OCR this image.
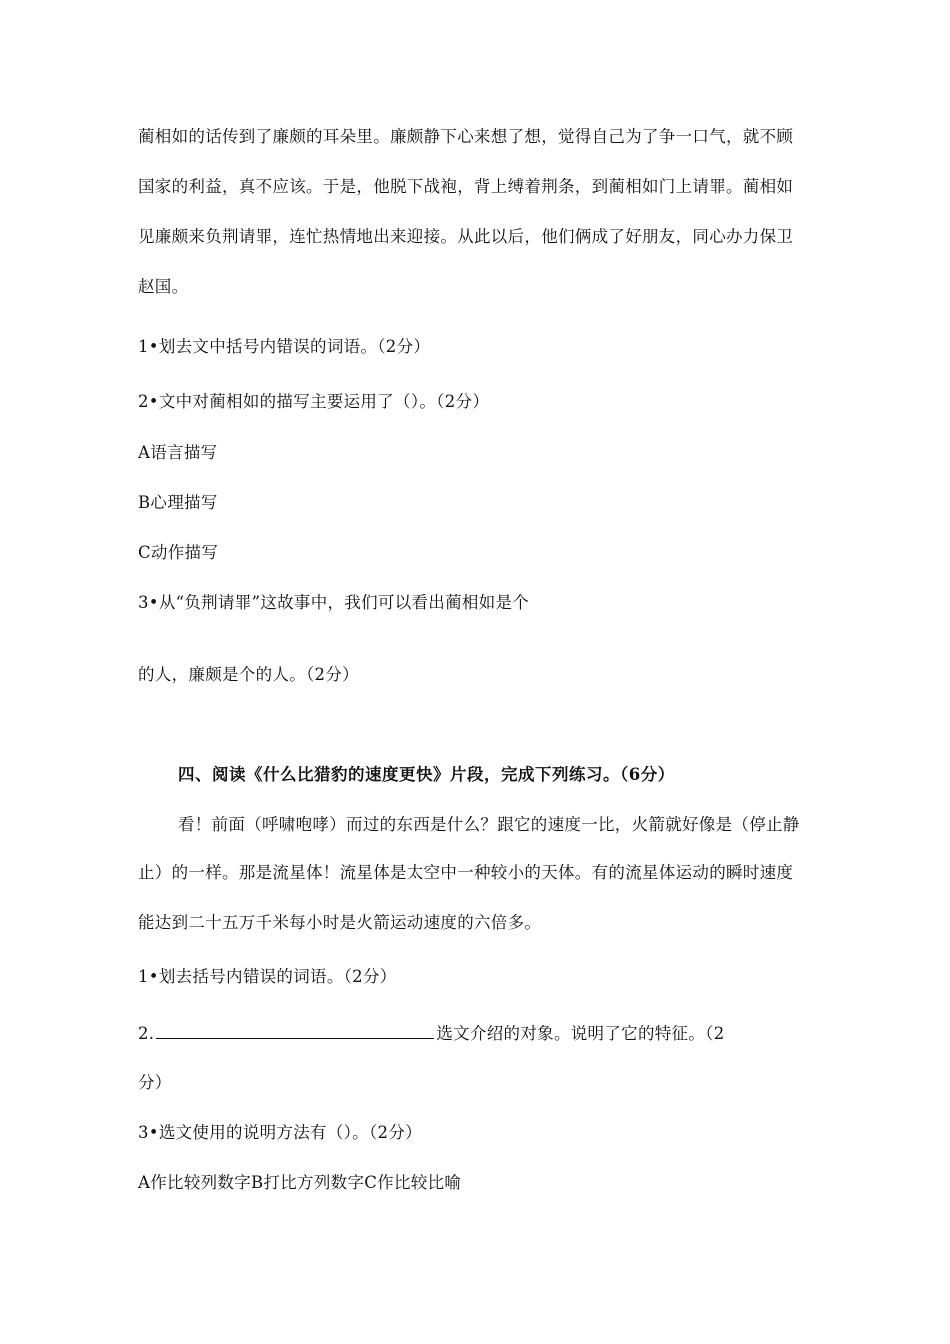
蔺相如的话传到了廉颇的耳朵里。廉颇静下心来想了想，觉得自己为了争一口气，就不顾
国家的利益，真不应该。于是，他脱下战袍，背上缚着荆条，到蔺相如门上请罪。蔺相如
见廉颇来负荆请罪，连忙热情地出来迎接。从此以后，他们俩成了好朋友，同心办力保卫
赵国。
1•划去文中括号内错误的词语。（2分）
2•文中对蔺相如的描写主要运用了（）。（2分）
A语言描写
B心理描写
C动作描写
3•从“负荆请罪”这故事中，我们可以看出蔺相如是个
的人，廉颇是个的人。（2分）
四、阅读《什么比猎豹的速度更快》片段，完成下列练习。（6分）
看！前面（呼啸咆哮）而过的东西是什么？跟它的速度一比，火箭就好像是（停止静
止）的一样。那是流星体！流星体是太空中一种较小的天体。有的流星体运动的瞬时速度
能达到二十五万千米每小时是火箭运动速度的六倍多。
1•划去括号内错误的词语。（2分）
2.	选文介绍的对象。说明了它的特征。（2
分）
3•选文使用的说明方法有（）。（2分）
A作比较列数字B打比方列数字C作比较比喻
